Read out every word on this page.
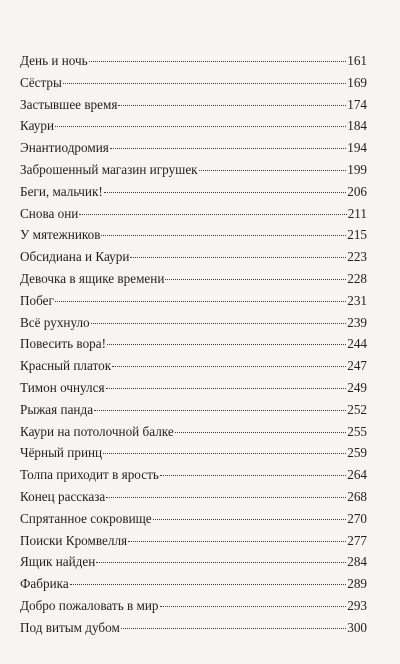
День и ночь	161
Сёстры	169
Застывшее время	174
Каури	184
Энантиодромия	194
Заброшенный магазин игрушек	199
Беги, мальчик!	206
Снова они	211
У мятежников	215
Обсидиана и Каури	223
Девочка в ящике времени	228
Побег	231
Всё рухнуло	239
Повесить вора!	244
Красный платок	247
Тимон очнулся	249
Рыжая панда	252
Каури на потолочной балке	255
Чёрный принц	259
Толпа приходит в ярость	264
Конец рассказа	268
Спрятанное сокровище	270
Поиски Кромвелля	277
Ящик найден	284
Фабрика	289
Добро пожаловать в мир	293
Под витым дубом	300
